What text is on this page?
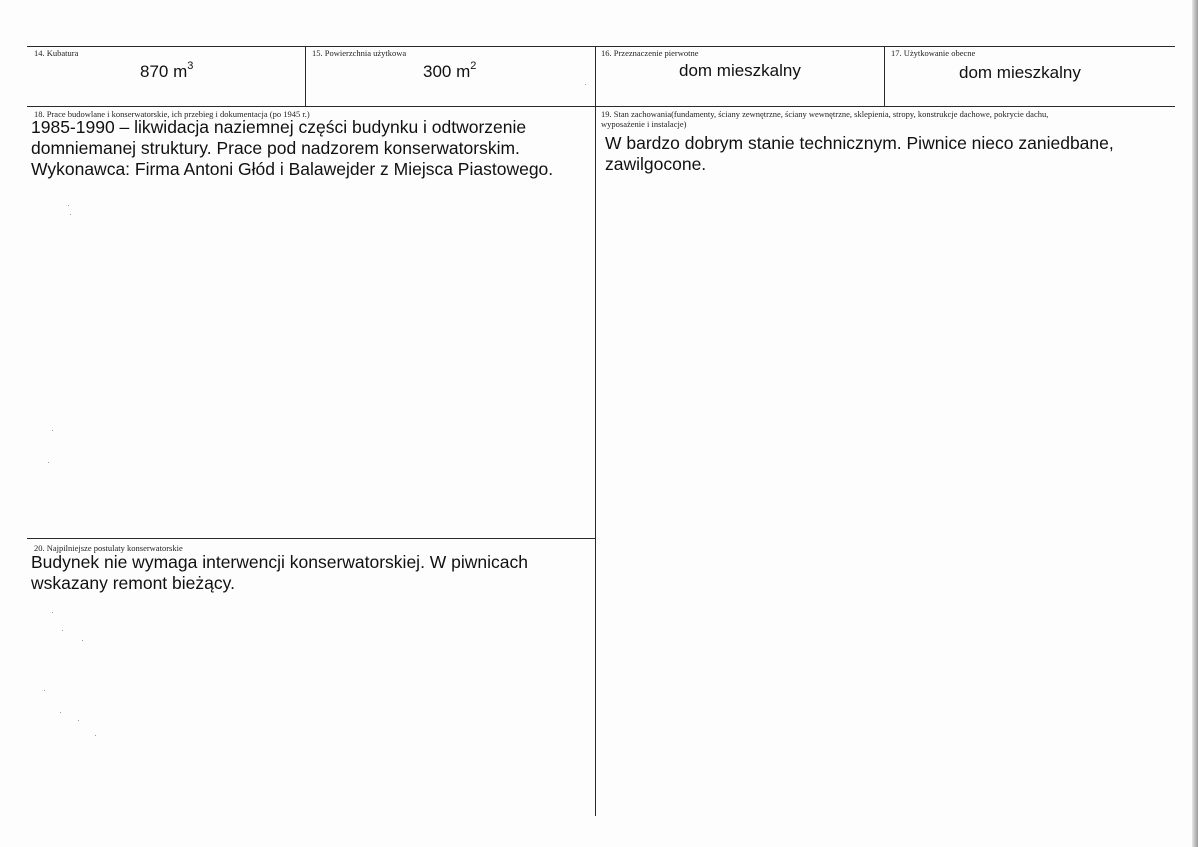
14. Kubatura
870 $m^3$
15. Powierzchnia użytkowa
300 $m^2$
16. Przeznaczenie pierwotne
dom mieszkalny
17. Użytkowanie obecne
dom mieszkalny
18. Prace budowlane i konserwatorskie, ich przebieg i dokumentacja (po 1945 r.)
1985-1990 – likwidacja naziemnej części budynku i odtworzenie
domniemanej struktury. Prace pod nadzorem konserwatorskim.
Wykonawca: Firma Antoni Głód i Balawejder z Miejsca Piastowego.
19. Stan zachowania(fundamenty, ściany zewnętrzne, ściany wewnętrzne, sklepienia, stropy, konstrukcje dachowe, pokrycie dachu,
wyposażenie i instalacje)
W bardzo dobrym stanie technicznym. Piwnice nieco zaniedbane,
zawilgocone.
20. Najpilniejsze postulaty konserwatorskie
Budynek nie wymaga interwencji konserwatorskiej. W piwnicach
wskazany remont bieżący.
